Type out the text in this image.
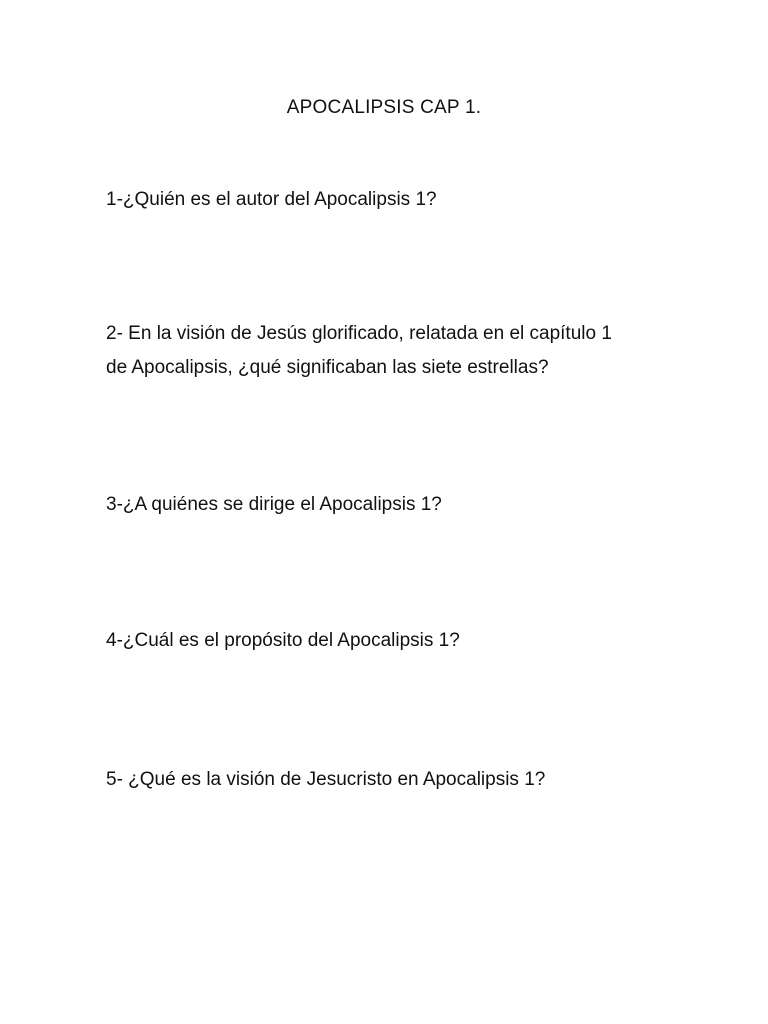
APOCALIPSIS CAP 1.
1-¿Quién es el autor del Apocalipsis 1?
2- En la visión de Jesús glorificado, relatada en el capítulo 1
de Apocalipsis, ¿qué significaban las siete estrellas?
3-¿A quiénes se dirige el Apocalipsis 1?
4-¿Cuál es el propósito del Apocalipsis 1?
5- ¿Qué es la visión de Jesucristo en Apocalipsis 1?
